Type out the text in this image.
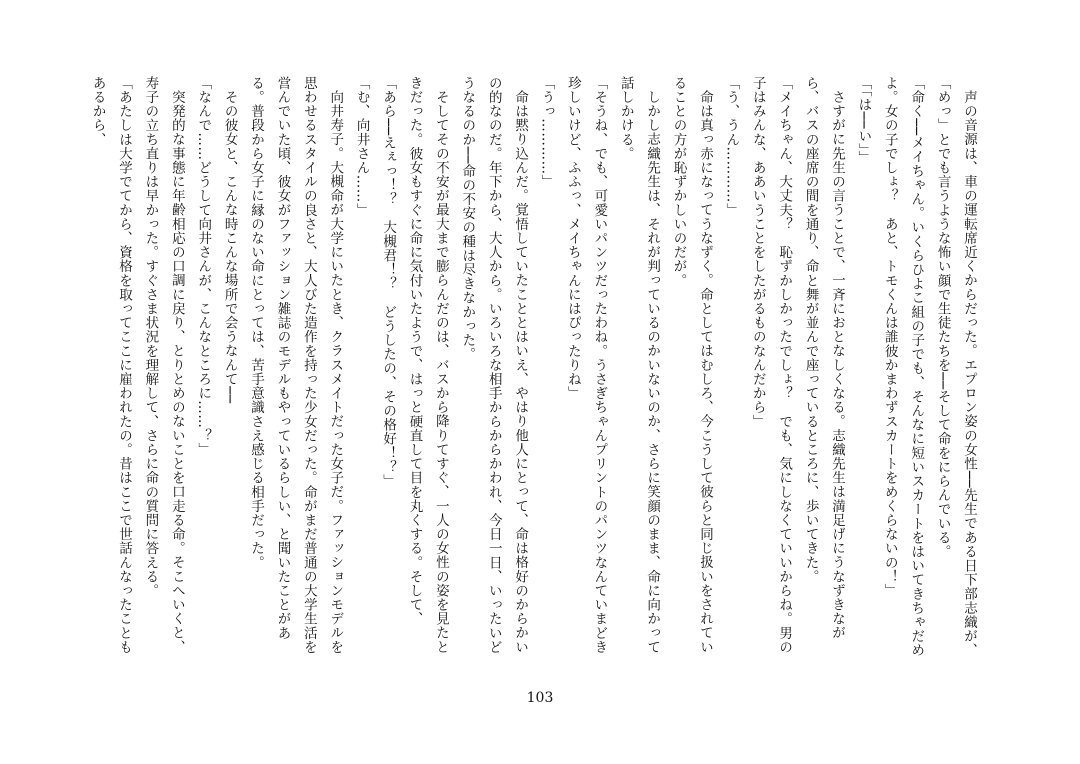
声の音源は、車の運転席近くからだった。エプロン姿の女性──先生である日下部志織が、「めっ」とでも言うような怖い顔で生徒たちを──そして命をにらんでいる。

「命く──メイちゃん。いくらひよこ組の子でも、そんなに短いスカートをはいてきちゃだめよ。女の子でしょ？　あと、トモくんは誰彼かまわずスカートをめくらないの！」

「「は──い」」

さすがに先生の言うことで、一斉におとなしくなる。志織先生は満足げにうなずきながら、バスの座席の間を通り、命と舞が並んで座っているところに、歩いてきた。

「メイちゃん、大丈夫？　恥ずかしかったでしょ？　でも、気にしなくていいからね。男の子はみんな、ああいうことをしたがるものなんだから」

「う、うん…………」

命は真っ赤になってうなずく。命としてはむしろ、今こうして彼らと同じ扱いをされていることの方が恥ずかしいのだが。

しかし志織先生は、それが判っているのかいないのか、さらに笑顔のまま、命に向かって話しかける。

「そうね、でも、可愛いパンツだったわね。うさぎちゃんプリントのパンツなんていまどき珍しいけど、ふふっ、メイちゃんにはぴったりね」

「うっ…………」

命は黙り込んだ。覚悟していたこととはいえ、やはり他人にとって、命は格好のからかいの的なのだ。年下から、大人から。いろいろな相手からからかわれ、今日一日、いったいどうなるのか──命の不安の種は尽きなかった。

そしてその不安が最大まで膨らんだのは、バスから降りてすぐ、一人の女性の姿を見たときだった。彼女もすぐに命に気付いたようで、はっと硬直して目を丸くする。そして、

「あら──えぇっ！？　大槻君！？　どうしたの、その格好！？」

「む、向井さん……」

向井寿子。大槻命が大学にいたとき、クラスメイトだった女子だ。ファッションモデルを思わせるスタイルの良さと、大人びた造作を持った少女だった。命がまだ普通の大学生活を営んでいた頃、彼女がファッション雑誌のモデルもやっているらしい、と聞いたことがある。普段から女子に縁のない命にとっては、苦手意識さえ感じる相手だった。

その彼女と、こんな時こんな場所で会うなんて──

「なんで……どうして向井さんが、こんなところに……？」

突発的な事態に年齢相応の口調に戻り、とりとめのないことを口走る命。そこへいくと、寿子の立ち直りは早かった。すぐさま状況を理解して、さらに命の質問に答える。

「あたしは大学でてから、資格を取ってここに雇われたの。昔はここで世話んなったこともあるから、

103
